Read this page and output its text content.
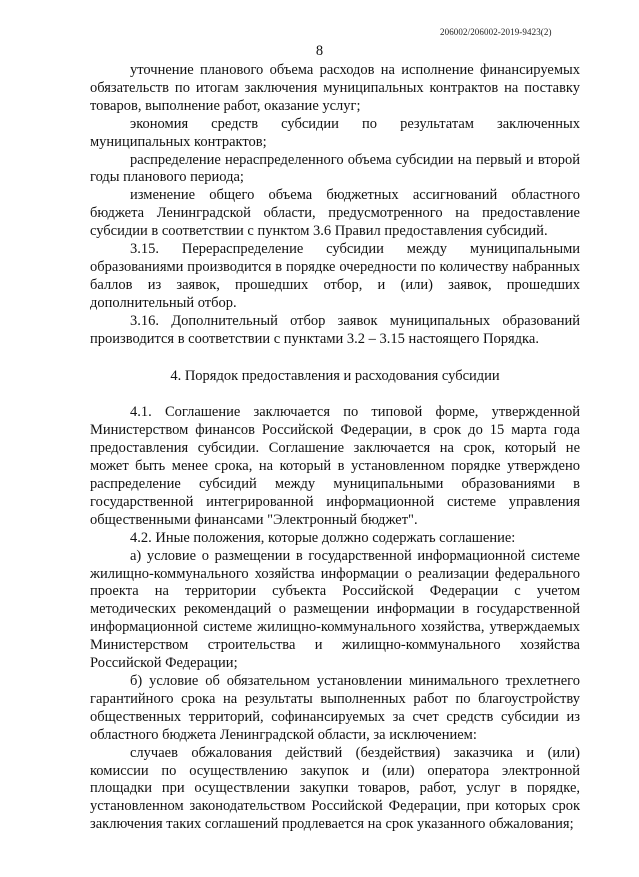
206002/206002-2019-9423(2)
8

уточнение планового объема расходов на исполнение финансируемых обязательств по итогам заключения муниципальных контрактов на поставку товаров, выполнение работ, оказание услуг;

экономия средств субсидии по результатам заключенных муниципальных контрактов;

распределение нераспределенного объема субсидии на первый и второй годы планового периода;

изменение общего объема бюджетных ассигнований областного бюджета Ленинградской области, предусмотренного на предоставление субсидии в соответствии с пунктом 3.6 Правил предоставления субсидий.

3.15. Перераспределение субсидии между муниципальными образованиями производится в порядке очередности по количеству набранных баллов из заявок, прошедших отбор, и (или) заявок, прошедших дополнительный отбор.

3.16. Дополнительный отбор заявок муниципальных образований производится в соответствии с пунктами 3.2 – 3.15 настоящего Порядка.

4. Порядок предоставления и расходования субсидии

4.1. Соглашение заключается по типовой форме, утвержденной Министерством финансов Российской Федерации, в срок до 15 марта года предоставления субсидии. Соглашение заключается на срок, который не может быть менее срока, на который в установленном порядке утверждено распределение субсидий между муниципальными образованиями в государственной интегрированной информационной системе управления общественными финансами "Электронный бюджет".

4.2. Иные положения, которые должно содержать соглашение:

а) условие о размещении в государственной информационной системе жилищно-коммунального хозяйства информации о реализации федерального проекта на территории субъекта Российской Федерации с учетом методических рекомендаций о размещении информации в государственной информационной системе жилищно-коммунального хозяйства, утверждаемых Министерством строительства и жилищно-коммунального хозяйства Российской Федерации;

б) условие об обязательном установлении минимального трехлетнего гарантийного срока на результаты выполненных работ по благоустройству общественных территорий, софинансируемых за счет средств субсидии из областного бюджета Ленинградской области, за исключением:

случаев обжалования действий (бездействия) заказчика и (или) комиссии по осуществлению закупок и (или) оператора электронной площадки при осуществлении закупки товаров, работ, услуг в порядке, установленном законодательством Российской Федерации, при которых срок заключения таких соглашений продлевается на срок указанного обжалования;
